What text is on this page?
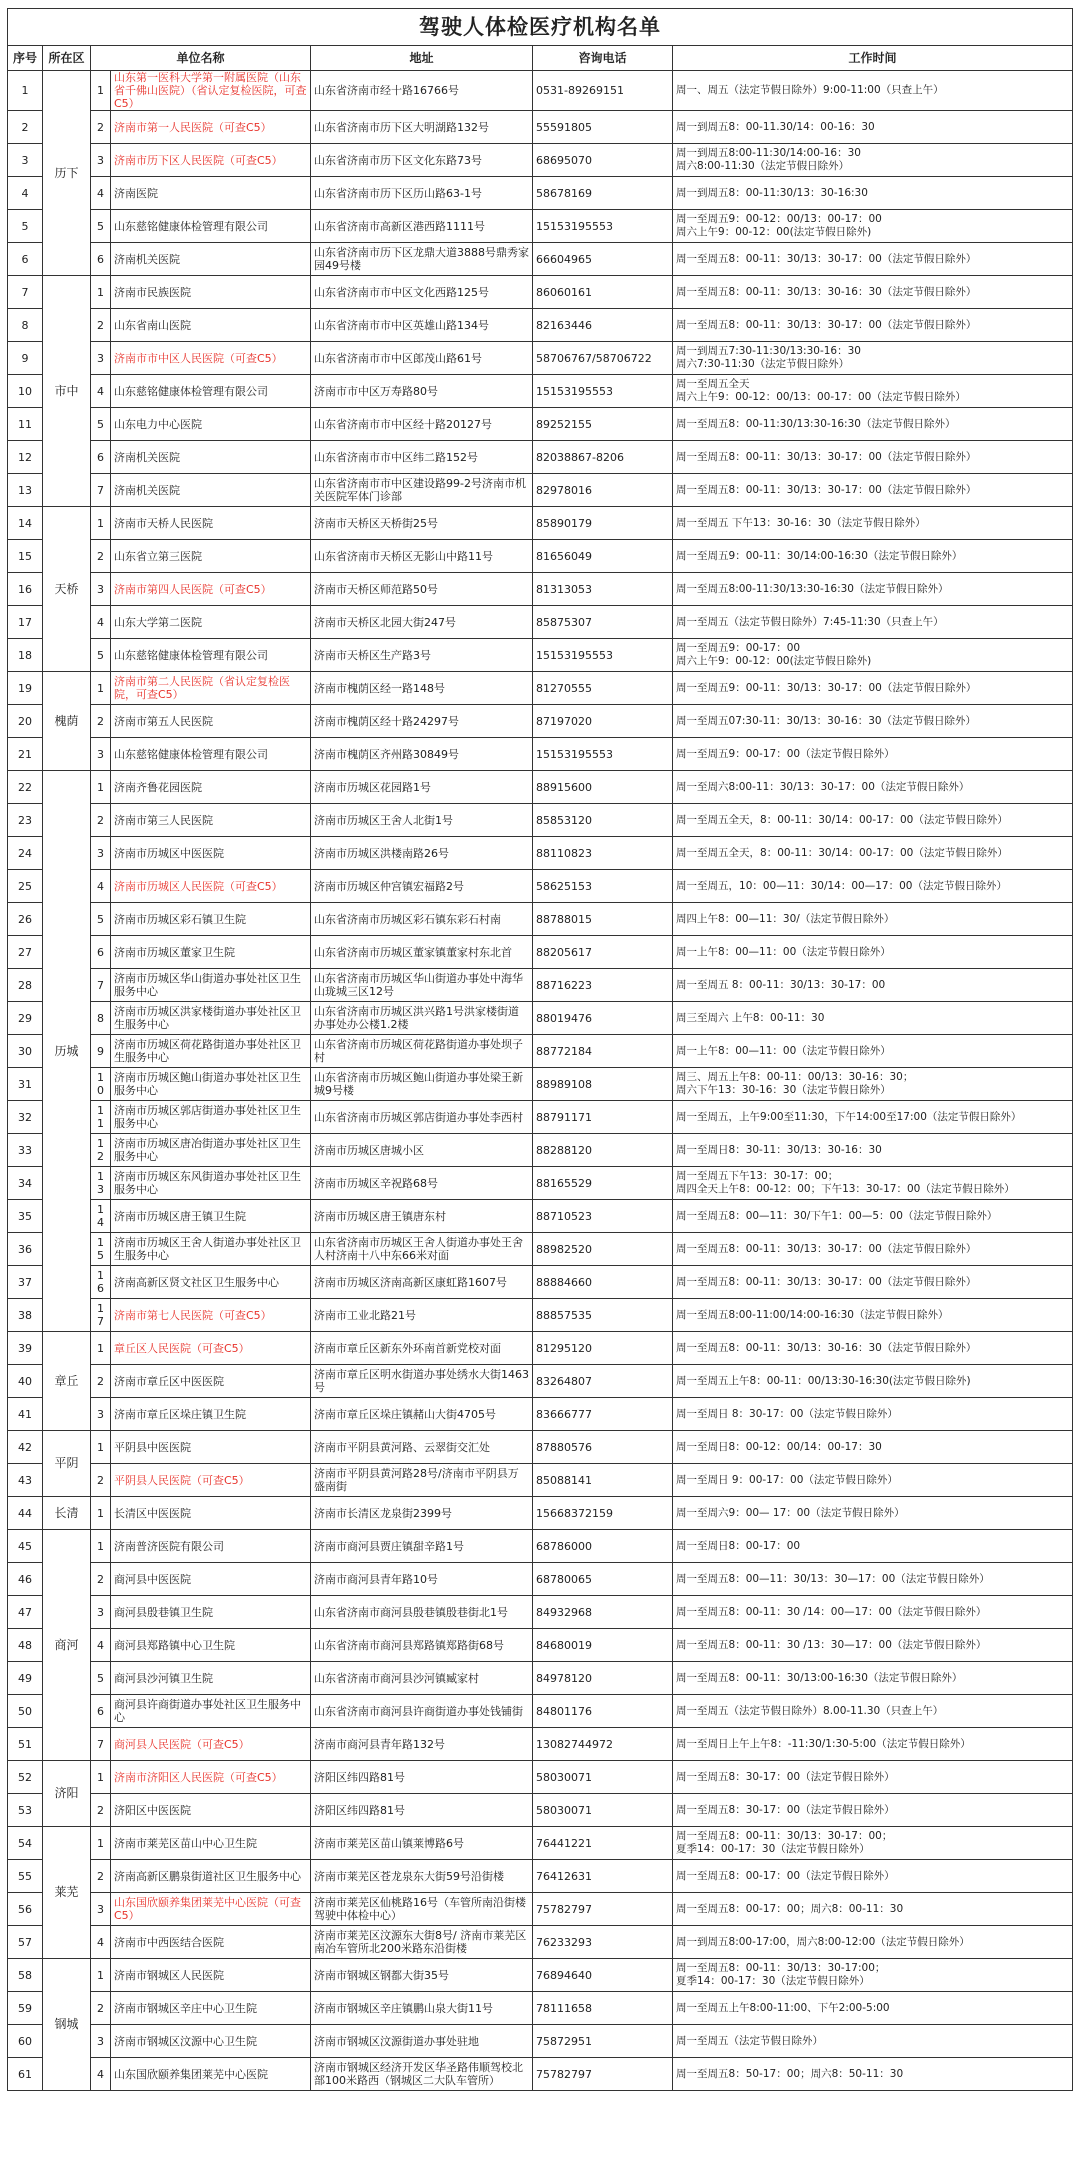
驾驶人体检医疗机构名单
序号	所在区	单位名称		地址	咨询电话	工作时间
1	历下	1	山东第一医科大学第一附属医院（山东省千佛山医院）（省认定复检医院，可查C5）	山东省济南市经十路16766号	0531-89269151	周一、周五（法定节假日除外）9:00-11:00（只查上午）
2		2	济南市第一人民医院（可查C5）	山东省济南市历下区大明湖路132号	55591805	周一到周五8：00-11.30/14：00-16：30
3		3	济南市历下区人民医院（可查C5）	山东省济南市历下区文化东路73号	68695070	周一到周五8:00-11:30/14:00-16：30
周六8:00-11:30（法定节假日除外）
4		4	济南医院	山东省济南市历下区历山路63-1号	58678169	周一到周五8：00-11:30/13：30-16:30
5		5	山东慈铭健康体检管理有限公司	山东省济南市高新区港西路1111号	15153195553	周一至周五9：00-12：00/13：00-17：00
周六上午9：00-12：00(法定节假日除外)
6		6	济南机关医院	山东省济南市历下区龙鼎大道3888号鼎秀家园49号楼	66604965	周一至周五8：00-11：30/13：30-17：00（法定节假日除外）
7	市中	1	济南市民族医院	山东省济南市市中区文化西路125号	86060161	周一至周五8：00-11：30/13：30-16：30（法定节假日除外）
8		2	山东省南山医院	山东省济南市市中区英雄山路134号	82163446	周一至周五8：00-11：30/13：30-17：00（法定节假日除外）
9		3	济南市市中区人民医院（可查C5）	山东省济南市市中区郎茂山路61号	58706767/58706722	周一到周五7:30-11:30/13:30-16：30
周六7:30-11:30（法定节假日除外）
10		4	山东慈铭健康体检管理有限公司	济南市市中区万寿路80号	15153195553	周一至周五全天
周六上午9：00-12：00/13：00-17：00（法定节假日除外）
11		5	山东电力中心医院	山东省济南市市中区经十路20127号	89252155	周一至周五8：00-11:30/13:30-16:30（法定节假日除外）
12		6	济南机关医院	山东省济南市市中区纬二路152号	82038867-8206	周一至周五8：00-11：30/13：30-17：00（法定节假日除外）
13		7	济南机关医院	山东省济南市市中区建设路99-2号济南市机关医院军体门诊部	82978016	周一至周五8：00-11：30/13：30-17：00（法定节假日除外）
14	天桥	1	济南市天桥人民医院	济南市天桥区天桥街25号	85890179	周一至周五 下午13：30-16：30（法定节假日除外）
15		2	山东省立第三医院	山东省济南市天桥区无影山中路11号	81656049	周一至周五9：00-11：30/14:00-16:30（法定节假日除外）
16		3	济南市第四人民医院（可查C5）	济南市天桥区师范路50号	81313053	周一至周五8:00-11:30/13:30-16:30（法定节假日除外）
17		4	山东大学第二医院	济南市天桥区北园大街247号	85875307	周一至周五（法定节假日除外）7:45-11:30（只查上午）
18		5	山东慈铭健康体检管理有限公司	济南市天桥区生产路3号	15153195553	周一至周五9：00-17：00
周六上午9：00-12：00(法定节假日除外)
19	槐荫	1	济南市第二人民医院（省认定复检医院，可查C5）	济南市槐荫区经一路148号	81270555	周一至周五9：00-11：30/13：30-17：00（法定节假日除外）
20		2	济南市第五人民医院	济南市槐荫区经十路24297号	87197020	周一至周五07:30-11：30/13：30-16：30（法定节假日除外）
21		3	山东慈铭健康体检管理有限公司	济南市槐荫区齐州路30849号	15153195553	周一至周五9：00-17：00（法定节假日除外）
22	历城	1	济南齐鲁花园医院	济南市历城区花园路1号	88915600	周一至周六8:00-11：30/13：30-17：00（法定节假日除外）
23		2	济南市第三人民医院	济南市历城区王舍人北街1号	85853120	周一至周五全天，8：00-11：30/14：00-17：00（法定节假日除外）
24		3	济南市历城区中医医院	济南市历城区洪楼南路26号	88110823	周一至周五全天，8：00-11：30/14：00-17：00（法定节假日除外）
25		4	济南市历城区人民医院（可查C5）	济南市历城区仲宫镇宏福路2号	58625153	周一至周五，10：00—11：30/14：00—17：00（法定节假日除外）
26		5	济南市历城区彩石镇卫生院	山东省济南市历城区彩石镇东彩石村南	88788015	周四上午8：00—11：30/（法定节假日除外）
27		6	济南市历城区董家卫生院	山东省济南市历城区董家镇董家村东北首	88205617	周一上午8：00—11：00（法定节假日除外）
28		7	济南市历城区华山街道办事处社区卫生服务中心	山东省济南市历城区华山街道办事处中海华山珑城三区12号	88716223	周一至周五 8：00-11：30/13：30-17：00
29		8	济南市历城区洪家楼街道办事处社区卫生服务中心	山东省济南市历城区洪兴路1号洪家楼街道办事处办公楼1.2楼	88019476	周三至周六 上午8：00-11：30
30		9	济南市历城区荷花路街道办事处社区卫生服务中心	山东省济南市历城区荷花路街道办事处坝子村	88772184	周一上午8：00—11：00（法定节假日除外）
31		10	济南市历城区鲍山街道办事处社区卫生服务中心	山东省济南市历城区鲍山街道办事处梁王新城9号楼	88989108	周三、周五上午8：00-11：00/13：30-16：30；
周六下午13：30-16：30（法定节假日除外）
32		11	济南市历城区郭店街道办事处社区卫生服务中心	山东省济南市历城区郭店街道办事处李西村	88791171	周一至周五，上午9:00至11:30，下午14:00至17:00（法定节假日除外）
33		12	济南市历城区唐冶街道办事处社区卫生服务中心	济南市历城区唐城小区	88288120	周一至周日8：30-11：30/13：30-16：30
34		13	济南市历城区东风街道办事处社区卫生服务中心	济南市历城区辛祝路68号	88165529	周一至周五下午13：30-17：00；
周四全天上午8：00-12：00；下午13：30-17：00（法定节假日除外）
35		14	济南市历城区唐王镇卫生院	济南市历城区唐王镇唐东村	88710523	周一至周五8：00—11：30/下午1：00—5：00（法定节假日除外）
36		15	济南市历城区王舍人街道办事处社区卫生服务中心	山东省济南市历城区王舍人街道办事处王舍人村济南十八中东66米对面	88982520	周一至周五8：00-11：30/13：30-17：00（法定节假日除外）
37		16	济南高新区贤文社区卫生服务中心	济南市历城区济南高新区康虹路1607号	88884660	周一至周五8：00-11：30/13：30-17：00（法定节假日除外）
38		17	济南市第七人民医院（可查C5）	济南市工业北路21号	88857535	周一至周五8:00-11:00/14:00-16:30（法定节假日除外）
39	章丘	1	章丘区人民医院（可查C5）	济南市章丘区新东外环南首新党校对面	81295120	周一至周五8：00-11：30/13：30-16：30（法定节假日除外）
40		2	济南市章丘区中医医院	济南市章丘区明水街道办事处绣水大街1463号	83264807	周一至周五上午8：00-11：00/13:30-16:30(法定节假日除外)
41		3	济南市章丘区垛庄镇卫生院	济南市章丘区垛庄镇赭山大街4705号	83666777	周一至周日 8：30-17：00（法定节假日除外）
42	平阴	1	平阴县中医医院	济南市平阴县黄河路、云翠街交汇处	87880576	周一至周日8：00-12：00/14：00-17：30
43		2	平阴县人民医院（可查C5）	济南市平阴县黄河路28号/济南市平阴县万盛南街	85088141	周一至周日 9：00-17：00（法定节假日除外）
44	长清	1	长清区中医医院	济南市长清区龙泉街2399号	15668372159	周一至周六9：00— 17：00（法定节假日除外）
45	商河	1	济南普济医院有限公司	济南市商河县贾庄镇甜辛路1号	68786000	周一至周日8：00-17：00
46		2	商河县中医医院	济南市商河县青年路10号	68780065	周一至周五8：00—11：30/13：30—17：00（法定节假日除外）
47		3	商河县殷巷镇卫生院	山东省济南市商河县殷巷镇殷巷街北1号	84932968	周一至周五8：00-11：30 /14：00—17：00（法定节假日除外）
48		4	商河县郑路镇中心卫生院	山东省济南市商河县郑路镇郑路街68号	84680019	周一至周五8：00-11：30 /13：30—17：00（法定节假日除外）
49		5	商河县沙河镇卫生院	山东省济南市商河县沙河镇臧家村	84978120	周一至周五8：00-11：30/13:00-16:30（法定节假日除外）
50		6	商河县许商街道办事处社区卫生服务中心	山东省济南市商河县许商街道办事处钱铺街	84801176	周一至周五（法定节假日除外）8.00-11.30（只查上午）
51		7	商河县人民医院（可查C5）	济南市商河县青年路132号	13082744972	周一至周日上午上午8：-11:30/1:30-5:00（法定节假日除外）
52	济阳	1	济南市济阳区人民医院（可查C5）	济阳区纬四路81号	58030071	周一至周五8：30-17：00（法定节假日除外）
53		2	济阳区中医医院	济阳区纬四路81号	58030071	周一至周五8：30-17：00（法定节假日除外）
54	莱芜	1	济南市莱芜区苗山中心卫生院	济南市莱芜区苗山镇莱博路6号	76441221	周一至周五8：00-11：30/13：30-17：00；
夏季14：00-17：30（法定节假日除外）
55		2	济南高新区鹏泉街道社区卫生服务中心	济南市莱芜区苍龙泉东大街59号沿街楼	76412631	周一至周五8：00-17：00（法定节假日除外）
56		3	山东国欣颐养集团莱芜中心医院（可查C5）	济南市莱芜区仙桃路16号（车管所南沿街楼驾驶中体检中心）	75782797	周一至周五8：00-17：00；周六8：00-11：30
57		4	济南市中西医结合医院	济南市莱芜区汶源东大街8号/ 济南市莱芜区南冶车管所北200米路东沿街楼	76233293	周一到周五8:00-17:00，周六8:00-12:00（法定节假日除外）
58	钢城	1	济南市钢城区人民医院	济南市钢城区钢都大街35号	76894640	周一至周五8：00-11：30/13：30-17:00；
夏季14：00-17：30（法定节假日除外）
59		2	济南市钢城区辛庄中心卫生院	济南市钢城区辛庄镇鹏山泉大街11号	78111658	周一至周五上午8:00-11:00、下午2:00-5:00
60		3	济南市钢城区汶源中心卫生院	济南市钢城区汶源街道办事处驻地	75872951	周一至周五（法定节假日除外）
61		4	山东国欣颐养集团莱芜中心医院	济南市钢城区经济开发区华圣路伟顺驾校北部100米路西（钢城区二大队车管所）	75782797	周一至周五8：50-17：00；周六8：50-11：30
